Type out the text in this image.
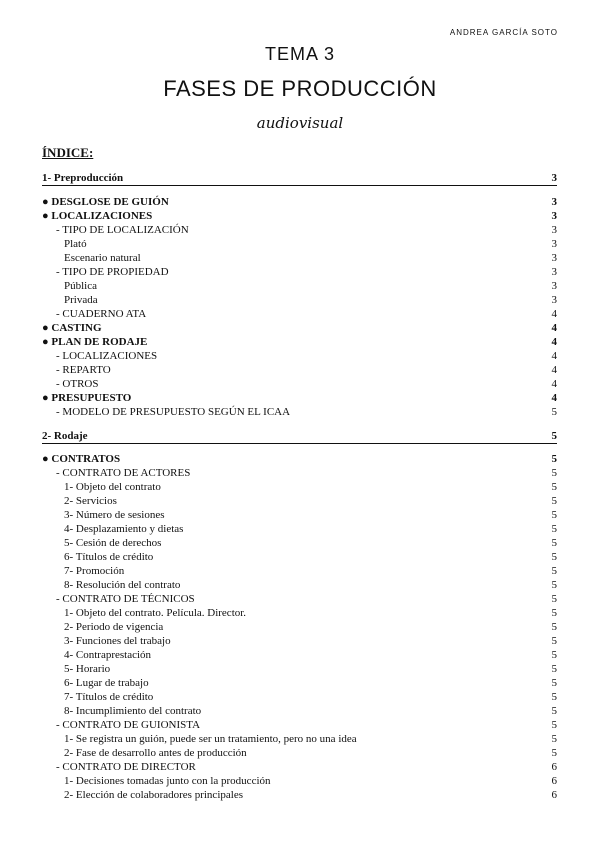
ANDREA GARCÍA SOTO
TEMA 3
FASES DE PRODUCCIÓN
audiovisual
ÍNDICE:
1- Preproducción	3
● DESGLOSE DE GUIÓN	3
● LOCALIZACIONES	3
- TIPO DE LOCALIZACIÓN	3
Plató	3
Escenario natural	3
- TIPO DE PROPIEDAD	3
Pública	3
Privada	3
- CUADERNO ATA	4
● CASTING	4
● PLAN DE RODAJE	4
- LOCALIZACIONES	4
- REPARTO	4
- OTROS	4
● PRESUPUESTO	4
- MODELO DE PRESUPUESTO SEGÚN EL ICAA	5
2- Rodaje	5
● CONTRATOS	5
- CONTRATO DE ACTORES	5
1- Objeto del contrato	5
2- Servicios	5
3- Número de sesiones	5
4- Desplazamiento y dietas	5
5- Cesión de derechos	5
6- Títulos de crédito	5
7- Promoción	5
8- Resolución del contrato	5
- CONTRATO DE TÉCNICOS	5
1- Objeto del contrato. Película. Director.	5
2- Periodo de vigencia	5
3- Funciones del trabajo	5
4- Contraprestación	5
5- Horario	5
6- Lugar de trabajo	5
7- Títulos de crédito	5
8- Incumplimiento del contrato	5
- CONTRATO DE GUIONISTA	5
1- Se registra un guión, puede ser un tratamiento, pero no una idea	5
2- Fase de desarrollo antes de producción	5
- CONTRATO DE DIRECTOR	6
1- Decisiones tomadas junto con la producción	6
2- Elección de colaboradores principales	6
